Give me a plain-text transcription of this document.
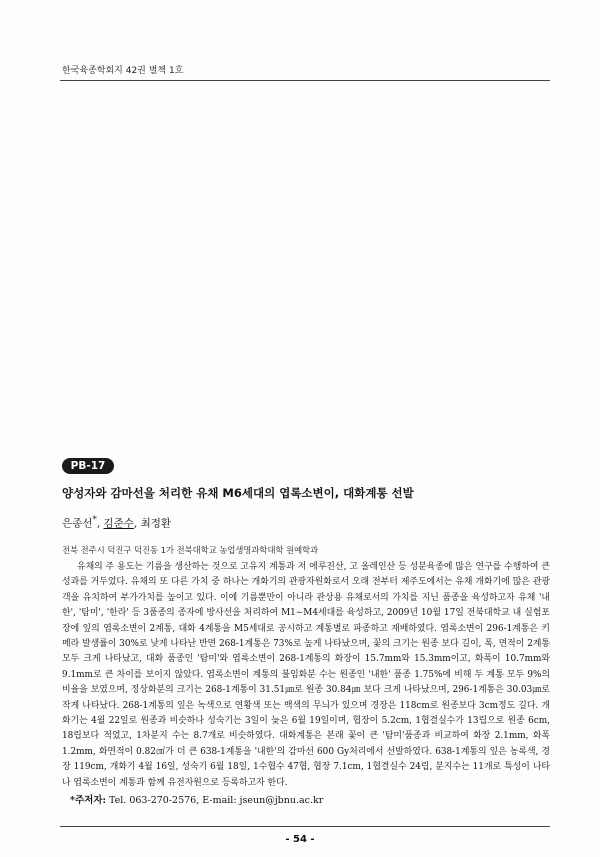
한국육종학회지 42권 별책 1호
PB-17
양성자와 감마선을 처리한 유채 M6세대의 엽록소변이, 대화계통 선발
은종선*, 김준수, 최정환
전북 전주시 덕진구 덕진동 1가 전북대학교 농업생명과학대학 원예학과

유채의 주 용도는 기름을 생산하는 것으로 고유지 계통과 저 에루진산, 고 올레인산 등 성분육종에 많은 연구를 수행하여 큰 성과를 거두었다. 유채의 또 다른 가치 중 하나는 개화기의 관광자원화로서 오래 전부터 제주도에서는 유채 개화기에 많은 관광객을 유치하여 부가가치를 높이고 있다. 이에 기름뿐만이 아니라 관상용 유채로서의 가치를 지닌 품종을 육성하고자 유채 '내한', '탐미', '한라' 등 3품종의 종자에 방사선을 처리하여 M1∼M4세대를 육성하고, 2009년 10월 17일 전북대학교 내 실험포장에 잎의 엽록소변이 2계통, 대화 4계통을 M5세대로 공시하고 계통별로 파종하고 재배하였다. 엽록소변이 296-1계통은 키메라 발생률이 30%로 낮게 나타난 반면 268-1계통은 73%로 높게 나타났으며, 꽃의 크기는 원종 보다 길이, 폭, 면적이 2계통 모두 크게 나타났고, 대화 품종인 '탐미'와 엽록소변이 268-1계통의 화장이 15.7mm와 15.3mm이고, 화폭이 10.7mm와 9.1mm로 큰 차이를 보이지 않았다. 엽록소변이 계통의 불임화분 수는 원종인 '내한' 품종 1.75%에 비해 두 계통 모두 9%의 비율을 보였으며, 정상화분의 크기는 268-1계통이 31.51㎛로 원종 30.84㎛ 보다 크게 나타났으며, 296-1계통은 30.03㎛로 작게 나타났다. 268-1계통의 잎은 녹색으로 연황색 또는 백색의 무늬가 있으며 경장은 118cm로 원종보다 3cm정도 길다. 개화기는 4월 22일로 원종과 비슷하나 성숙기는 3일이 늦은 6월 19일이며, 협장이 5.2cm, 1협결실수가 13립으로 원종 6cm, 18립보다 적었고, 1차분지 수는 8.7개로 비슷하였다. 대화계통은 본래 꽃이 큰 '탐미'품종과 비교하여 화장 2.1mm, 화폭 1.2mm, 화면적이 0.82㎠가 더 큰 638-1계통을 '내한'의 감마선 600 Gy처리에서 선발하였다. 638-1계통의 잎은 농록색, 경장 119cm, 개화기 4월 16일, 성숙기 6월 18일, 1수협수 47협, 협장 7.1cm, 1협결실수 24립, 분지수는 11개로 특성이 나타나 엽록소변이 계통과 함께 유전자원으로 등록하고자 한다.

*주저자: Tel. 063-270-2576, E-mail: jseun@jbnu.ac.kr
- 54 -
